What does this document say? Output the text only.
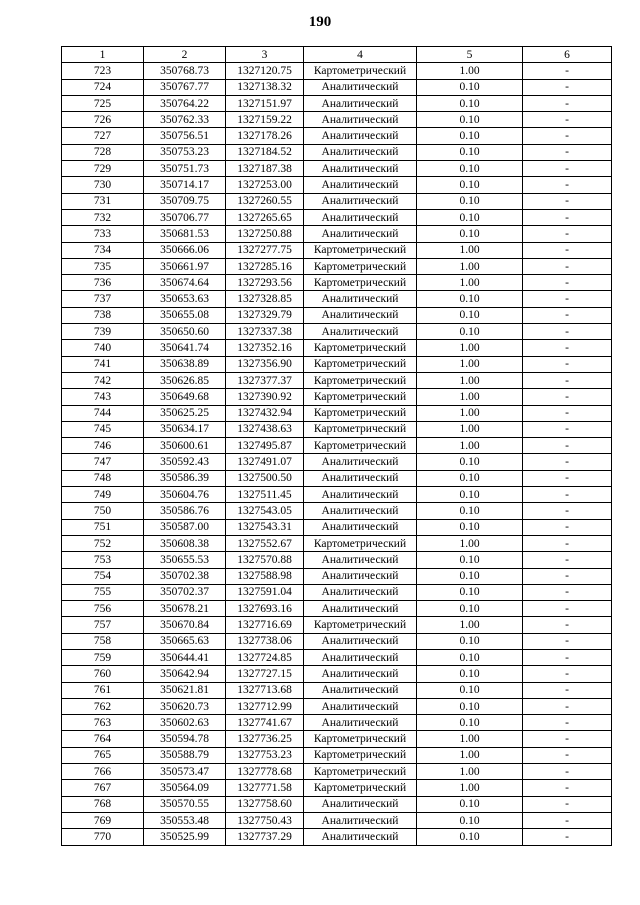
190
1	2	3	4	5	6
723	350768.73	1327120.75	Картометрический	1.00	-
724	350767.77	1327138.32	Аналитический	0.10	-
725	350764.22	1327151.97	Аналитический	0.10	-
726	350762.33	1327159.22	Аналитический	0.10	-
727	350756.51	1327178.26	Аналитический	0.10	-
728	350753.23	1327184.52	Аналитический	0.10	-
729	350751.73	1327187.38	Аналитический	0.10	-
730	350714.17	1327253.00	Аналитический	0.10	-
731	350709.75	1327260.55	Аналитический	0.10	-
732	350706.77	1327265.65	Аналитический	0.10	-
733	350681.53	1327250.88	Аналитический	0.10	-
734	350666.06	1327277.75	Картометрический	1.00	-
735	350661.97	1327285.16	Картометрический	1.00	-
736	350674.64	1327293.56	Картометрический	1.00	-
737	350653.63	1327328.85	Аналитический	0.10	-
738	350655.08	1327329.79	Аналитический	0.10	-
739	350650.60	1327337.38	Аналитический	0.10	-
740	350641.74	1327352.16	Картометрический	1.00	-
741	350638.89	1327356.90	Картометрический	1.00	-
742	350626.85	1327377.37	Картометрический	1.00	-
743	350649.68	1327390.92	Картометрический	1.00	-
744	350625.25	1327432.94	Картометрический	1.00	-
745	350634.17	1327438.63	Картометрический	1.00	-
746	350600.61	1327495.87	Картометрический	1.00	-
747	350592.43	1327491.07	Аналитический	0.10	-
748	350586.39	1327500.50	Аналитический	0.10	-
749	350604.76	1327511.45	Аналитический	0.10	-
750	350586.76	1327543.05	Аналитический	0.10	-
751	350587.00	1327543.31	Аналитический	0.10	-
752	350608.38	1327552.67	Картометрический	1.00	-
753	350655.53	1327570.88	Аналитический	0.10	-
754	350702.38	1327588.98	Аналитический	0.10	-
755	350702.37	1327591.04	Аналитический	0.10	-
756	350678.21	1327693.16	Аналитический	0.10	-
757	350670.84	1327716.69	Картометрический	1.00	-
758	350665.63	1327738.06	Аналитический	0.10	-
759	350644.41	1327724.85	Аналитический	0.10	-
760	350642.94	1327727.15	Аналитический	0.10	-
761	350621.81	1327713.68	Аналитический	0.10	-
762	350620.73	1327712.99	Аналитический	0.10	-
763	350602.63	1327741.67	Аналитический	0.10	-
764	350594.78	1327736.25	Картометрический	1.00	-
765	350588.79	1327753.23	Картометрический	1.00	-
766	350573.47	1327778.68	Картометрический	1.00	-
767	350564.09	1327771.58	Картометрический	1.00	-
768	350570.55	1327758.60	Аналитический	0.10	-
769	350553.48	1327750.43	Аналитический	0.10	-
770	350525.99	1327737.29	Аналитический	0.10	-
